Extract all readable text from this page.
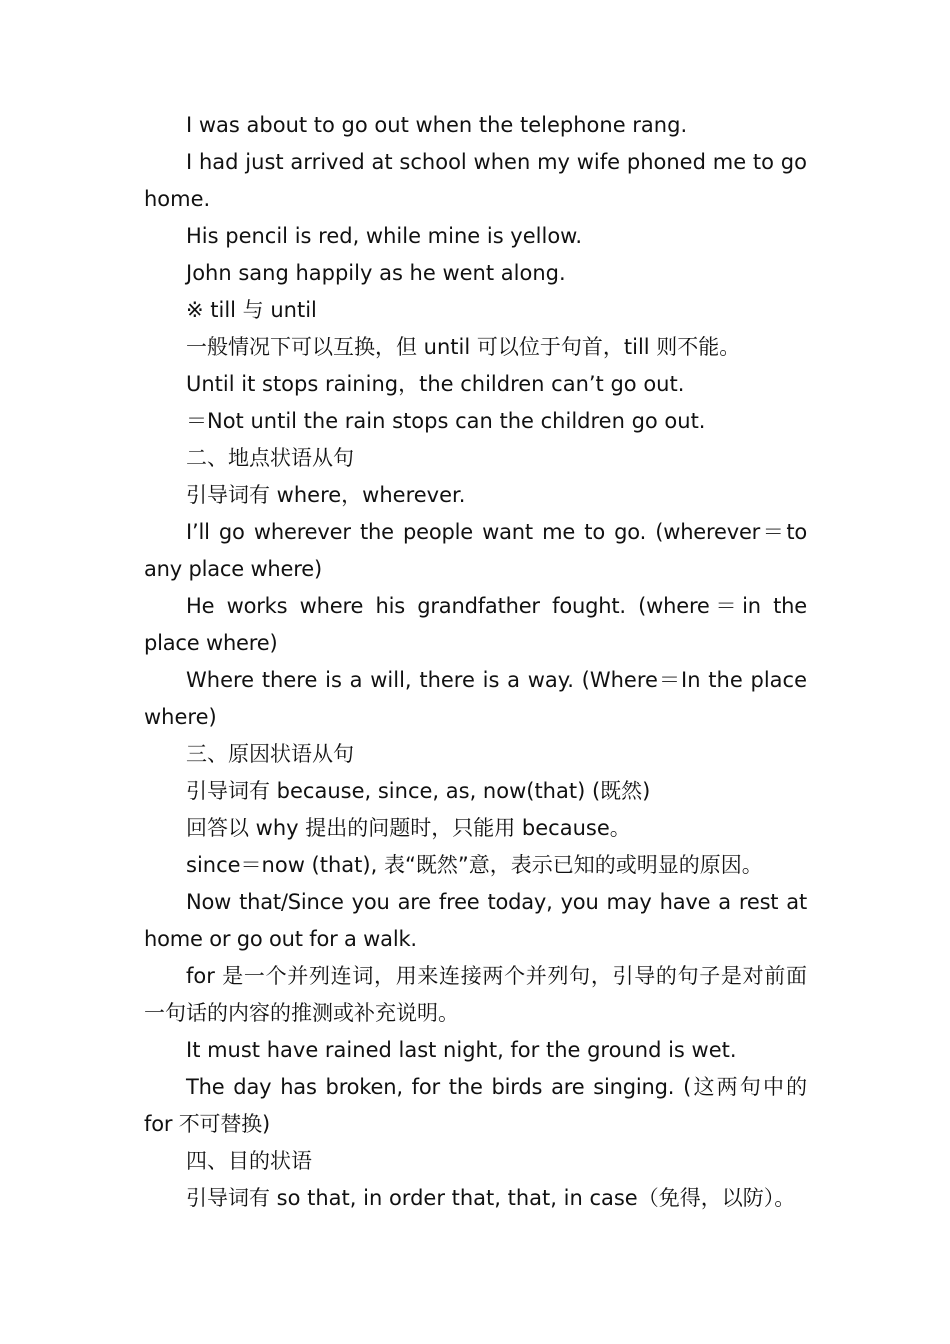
I was about to go out when the telephone rang.

I had just arrived at school when my wife phoned me to go home.

His pencil is red, while mine is yellow.

John sang happily as he went along.

※ till 与 until

一般情况下可以互换，但 until 可以位于句首，till 则不能。

Until it stops raining，the children can’t go out.

＝Not until the rain stops can the children go out.

二、地点状语从句

引导词有 where，wherever.

I’ll go wherever the people want me to go. (wherever＝to any place where)

He works where his grandfather fought. (where＝in the place where)

Where there is a will, there is a way. (Where＝In the place where)

三、原因状语从句

引导词有 because, since, as, now(that) (既然)

回答以 why 提出的问题时，只能用 because。

since＝now (that), 表“既然”意，表示已知的或明显的原因。

Now that/Since you are free today, you may have a rest at home or go out for a walk.

for 是一个并列连词，用来连接两个并列句，引导的句子是对前面一句话的内容的推测或补充说明。

It must have rained last night, for the ground is wet.

The day has broken, for the birds are singing. (这两句中的 for 不可替换)

四、目的状语

引导词有 so that, in order that, that, in case（免得，以防）。
